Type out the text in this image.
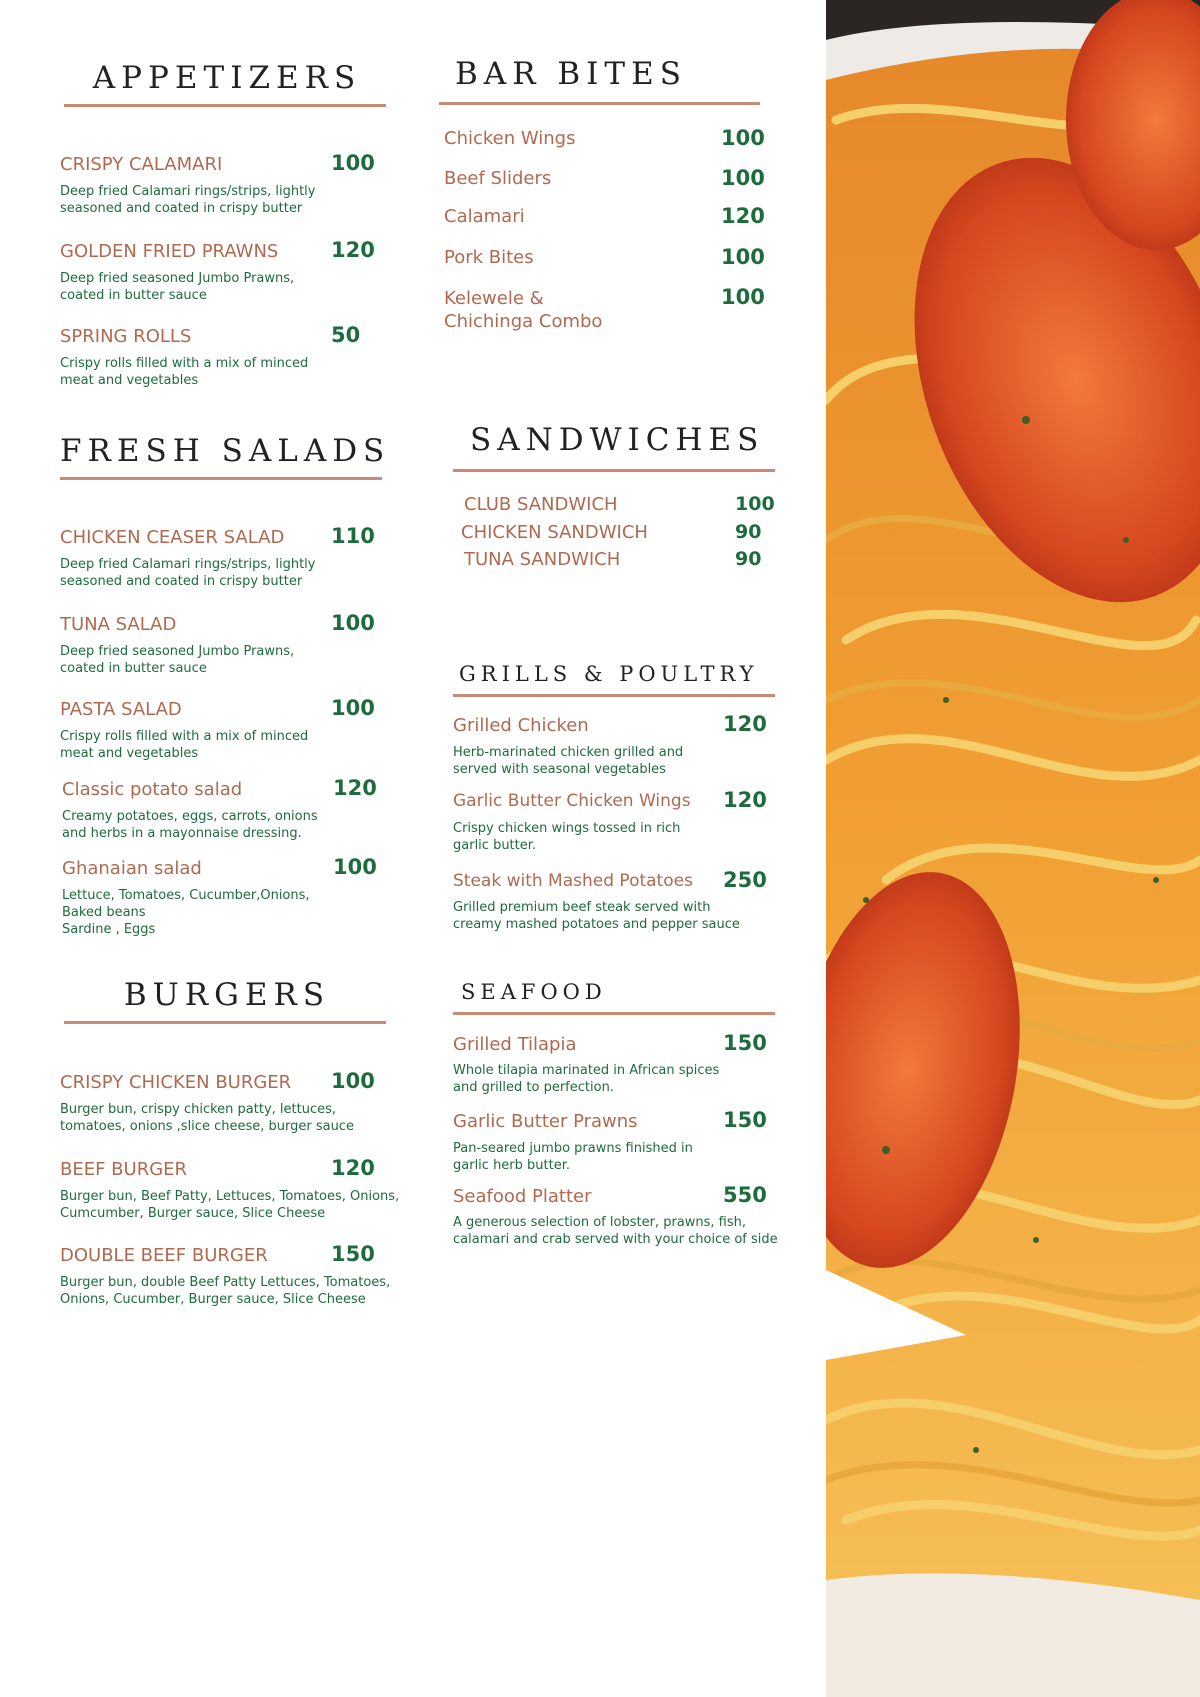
APPETIZERS
CRISPY CALAMARI	100
Deep fried Calamari rings/strips, lightly
seasoned and coated in crispy butter
GOLDEN FRIED PRAWNS	120
Deep fried seasoned Jumbo Prawns,
coated in butter sauce
SPRING ROLLS	50
Crispy rolls filled with a mix of minced
meat and vegetables
BAR BITES
Chicken Wings	100
Beef Sliders	100
Calamari	120
Pork Bites	100
Kelewele &
Chichinga Combo
100
FRESH SALADS
CHICKEN CEASER SALAD 110
Deep fried Calamari rings/strips, lightly
seasoned and coated in crispy butter
TUNA SALAD	100
Deep fried seasoned Jumbo Prawns,
coated in butter sauce
PASTA SALAD	100
Crispy rolls filled with a mix of minced
meat and vegetables
Classic potato salad	120
Creamy potatoes, eggs, carrots, onions
and herbs in a mayonnaise dressing.
Ghanaian salad	100
Lettuce, Tomatoes, Cucumber,Onions,
Baked beans
Sardine , Eggs
SANDWICHES
CLUB SANDWICH	100
CHICKEN SANDWICH	90
TUNA SANDWICH	90
GRILLS & POULTRY
Grilled Chicken	120
Herb-marinated chicken grilled and
served with seasonal vegetables
Garlic Butter Chicken Wings 120
Crispy chicken wings tossed in rich
garlic butter.
Steak with Mashed Potatoes 250
Grilled premium beef steak served with
creamy mashed potatoes and pepper sauce
BURGERS
CRISPY CHICKEN BURGER 100
Burger bun, crispy chicken patty, lettuces,
tomatoes, onions ,slice cheese, burger sauce
BEEF BURGER	120
Burger bun, Beef Patty, Lettuces, Tomatoes, Onions,
Cumcumber, Burger sauce, Slice Cheese
DOUBLE BEEF BURGER	150
Burger bun, double Beef Patty Lettuces, Tomatoes,
Onions, Cucumber, Burger sauce, Slice Cheese
SEAFOOD
Grilled Tilapia	150
Whole tilapia marinated in African spices
and grilled to perfection.
Garlic Butter Prawns	150
Pan-seared jumbo prawns finished in
garlic herb butter.
Seafood Platter	550
A generous selection of lobster, prawns, fish,
calamari and crab served with your choice of side
